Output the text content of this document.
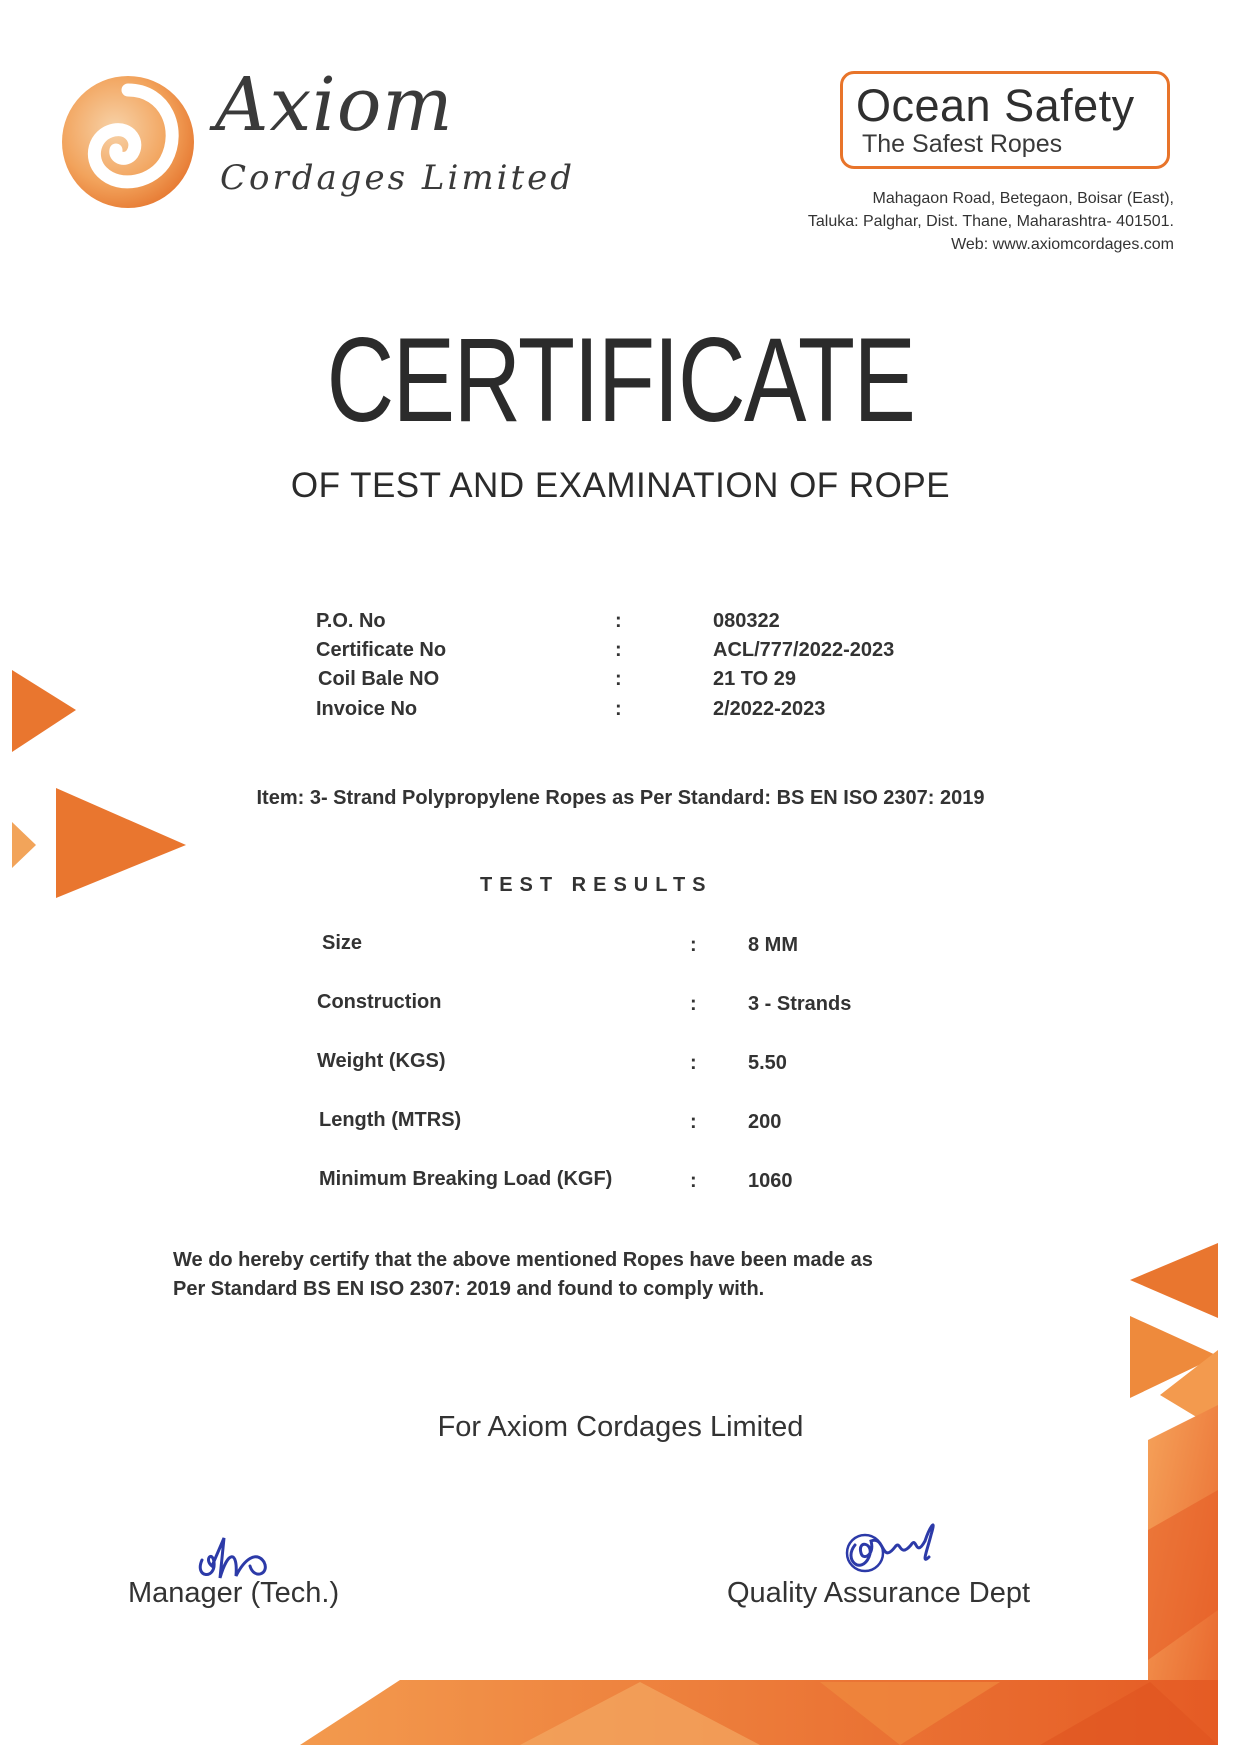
Axiom
Cordages Limited
Ocean Safety
The Safest Ropes
Mahagaon Road, Betegaon, Boisar (East),
Taluka: Palghar, Dist. Thane, Maharashtra- 401501.
Web: www.axiomcordages.com
CERTIFICATE
OF TEST AND EXAMINATION OF ROPE
P.O. No	:	080322
Certificate No	:	ACL/777/2022-2023
Coil Bale NO	:	21 TO 29
Invoice No	:	2/2022-2023
Item: 3- Strand Polypropylene Ropes as Per Standard: BS EN ISO 2307: 2019
TEST RESULTS
Size	:	8 MM
Construction	:	3 - Strands
Weight (KGS)	:	5.50
Length (MTRS)	:	200
Minimum Breaking Load (KGF)	:	1060
We do hereby certify that the above mentioned Ropes have been made as
Per Standard BS EN ISO 2307: 2019 and found to comply with.
For Axiom Cordages Limited
Manager (Tech.)	Quality Assurance Dept
